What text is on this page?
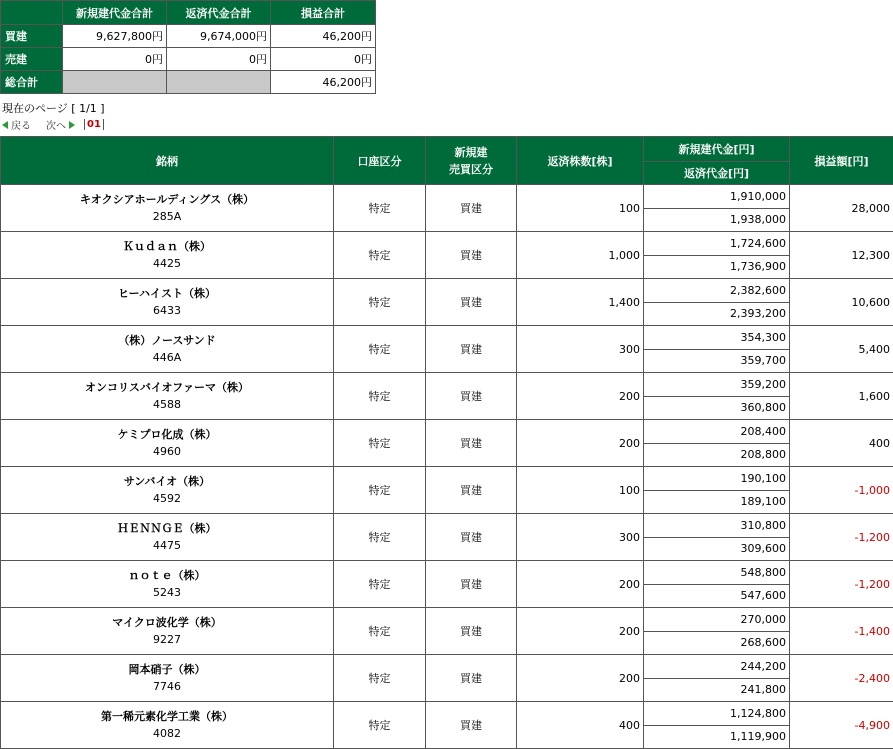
	新規建代金合計	返済代金合計	損益合計
買建	9,627,800円	9,674,000円	46,200円
売建	0円	0円	0円
総合計			46,200円
現在のページ [ 1/1 ]
戻る 次へ	01
銘柄	口座区分	新規建
売買区分	返済株数[株]	新規建代金[円]	損益額[円]
				返済代金[円]	

キオクシアホールディングス（株）
285A	特定	買建	100	1,910,000	28,000
				1,938,000	

Ｋｕｄａｎ（株）
4425	特定	買建	1,000	1,724,600	12,300
				1,736,900	

ヒーハイスト（株）
6433	特定	買建	1,400	2,382,600	10,600
				2,393,200	

（株）ノースサンド
446A	特定	買建	300	354,300	5,400
				359,700	

オンコリスバイオファーマ（株）
4588	特定	買建	200	359,200	1,600
				360,800	

ケミプロ化成（株）
4960	特定	買建	200	208,400	400
				208,800	

サンバイオ（株）
4592	特定	買建	100	190,100	-1,000
				189,100	

ＨＥＮＮＧＥ（株）
4475	特定	買建	300	310,800	-1,200
				309,600	

ｎｏｔｅ（株）
5243	特定	買建	200	548,800	-1,200
				547,600	

マイクロ波化学（株）
9227	特定	買建	200	270,000	-1,400
				268,600	

岡本硝子（株）
7746	特定	買建	200	244,200	-2,400
				241,800	

第一稀元素化学工業（株）
4082	特定	買建	400	1,124,800	-4,900
				1,119,900	
